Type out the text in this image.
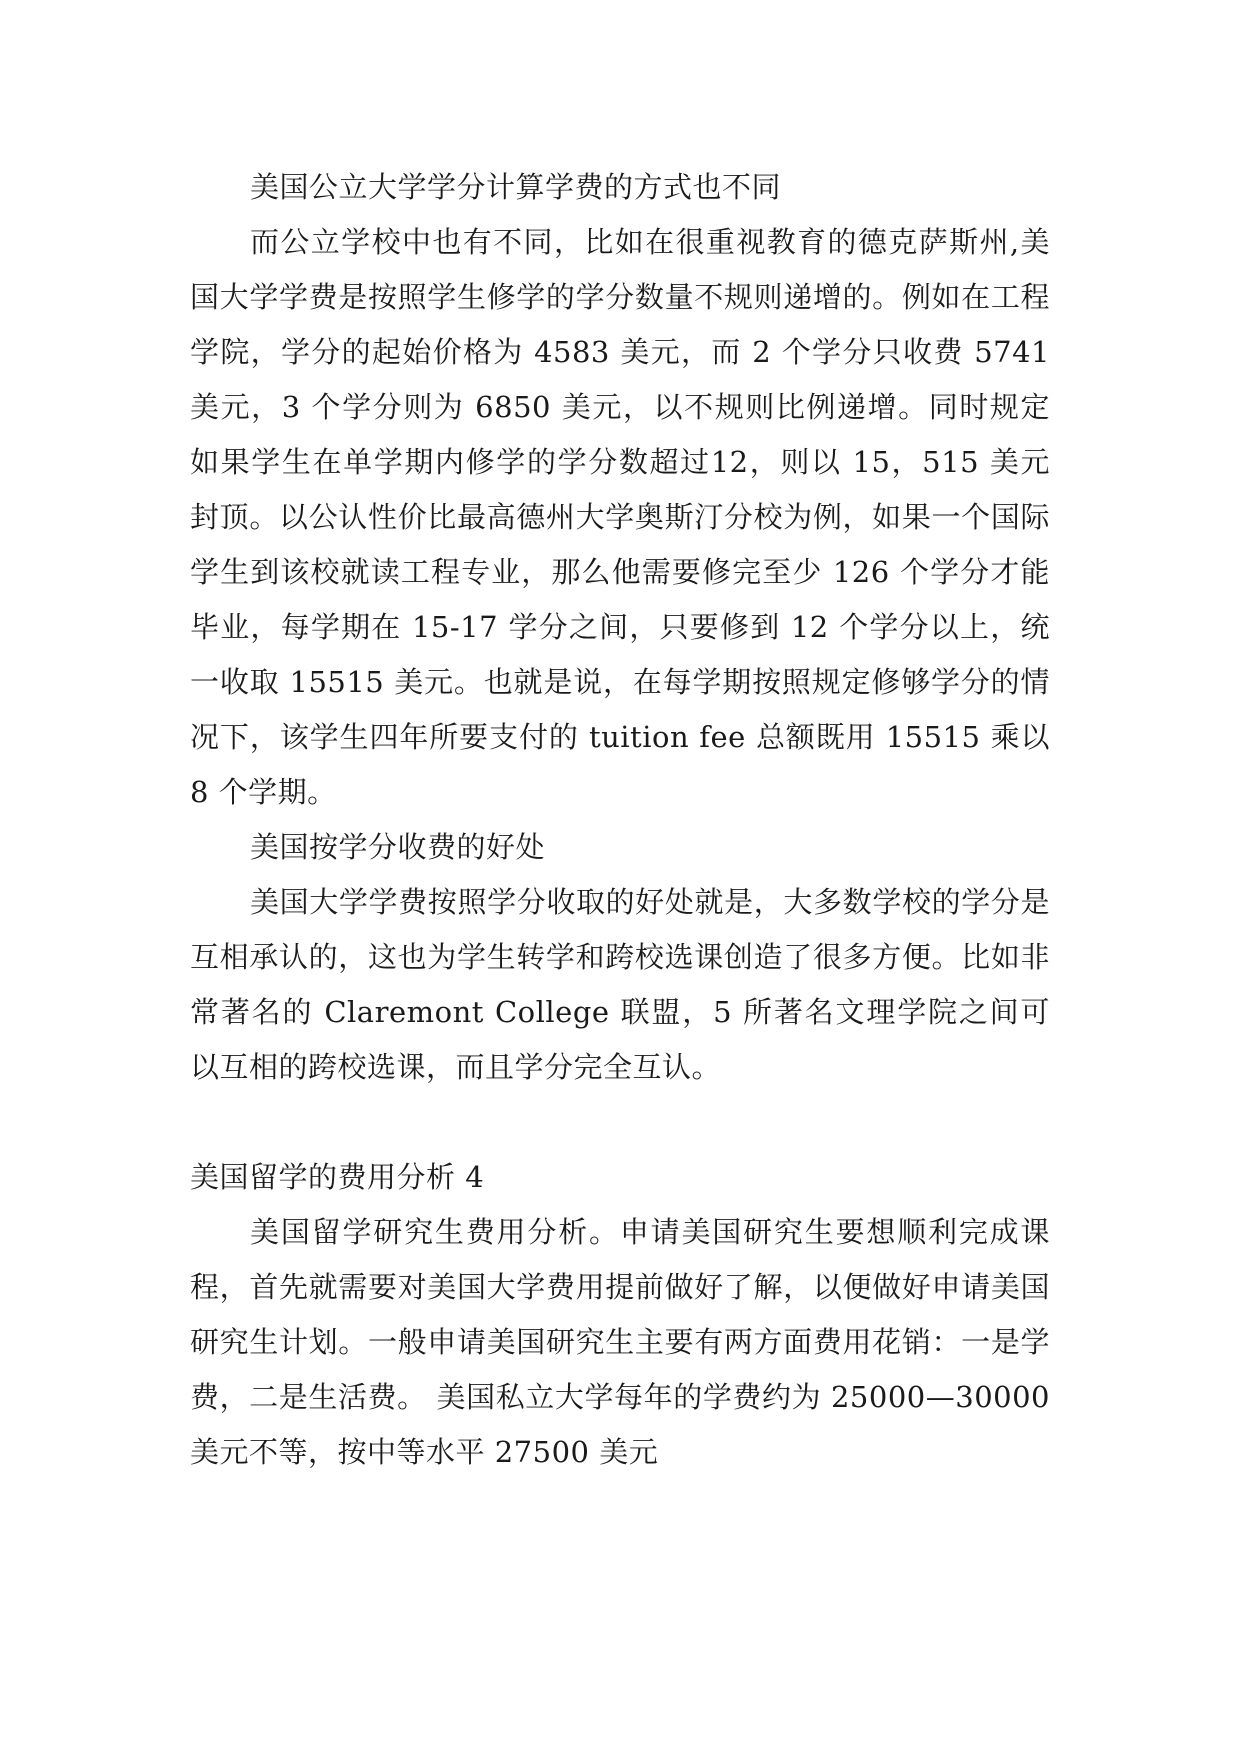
美国公立大学学分计算学费的方式也不同

而公立学校中也有不同，比如在很重视教育的德克萨斯州,美国大学学费是按照学生修学的学分数量不规则递增的。例如在工程学院，学分的起始价格为 4583 美元，而 2 个学分只收费 5741 美元，3 个学分则为 6850 美元，以不规则比例递增。同时规定如果学生在单学期内修学的学分数超过12，则以 15，515 美元封顶。以公认性价比最高德州大学奥斯汀分校为例，如果一个国际学生到该校就读工程专业，那么他需要修完至少 126 个学分才能毕业，每学期在 15-17 学分之间，只要修到 12 个学分以上，统一收取 15515 美元。也就是说，在每学期按照规定修够学分的情况下，该学生四年所要支付的 tuition fee 总额既用 15515 乘以 8 个学期。

美国按学分收费的好处

美国大学学费按照学分收取的好处就是，大多数学校的学分是互相承认的，这也为学生转学和跨校选课创造了很多方便。比如非常著名的 Claremont College 联盟，5 所著名文理学院之间可以互相的跨校选课，而且学分完全互认。

美国留学的费用分析 4

美国留学研究生费用分析。申请美国研究生要想顺利完成课程，首先就需要对美国大学费用提前做好了解，以便做好申请美国研究生计划。一般申请美国研究生主要有两方面费用花销：一是学费，二是生活费。 美国私立大学每年的学费约为 25000—30000 美元不等，按中等水平 27500 美元
